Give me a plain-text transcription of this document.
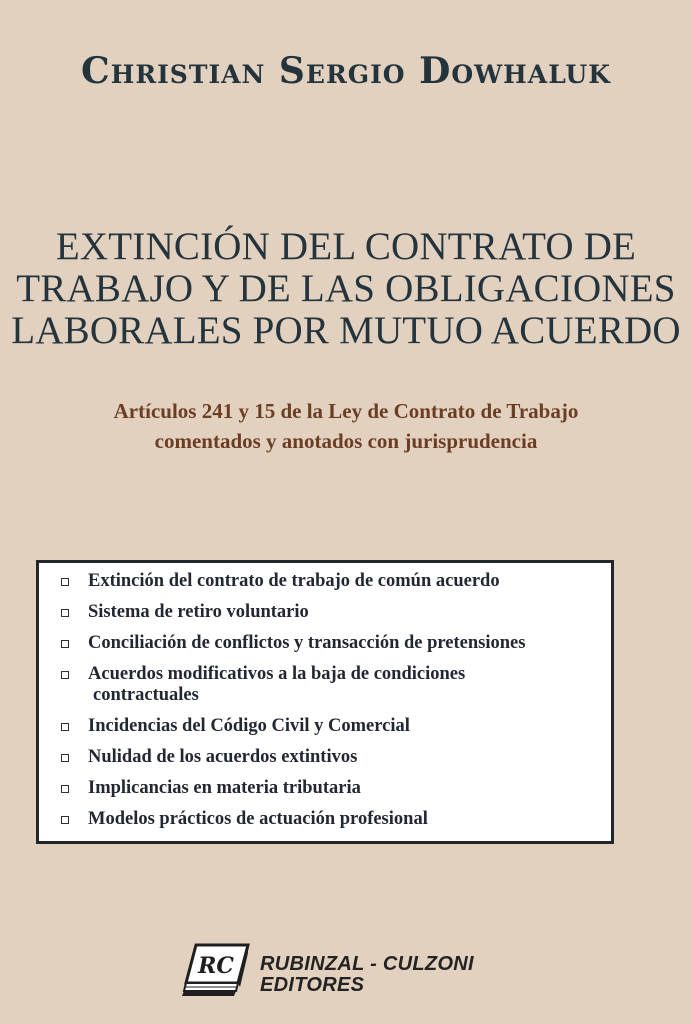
Christian Sergio Dowhaluk
EXTINCIÓN DEL CONTRATO DE
TRABAJO Y DE LAS OBLIGACIONES
LABORALES POR MUTUO ACUERDO
Artículos 241 y 15 de la Ley de Contrato de Trabajo
comentados y anotados con jurisprudencia
Extinción del contrato de trabajo de común acuerdo
Sistema de retiro voluntario
Conciliación de conflictos y transacción de pretensiones
Acuerdos modificativos a la baja de condiciones
contractuales
Incidencias del Código Civil y Comercial
Nulidad de los acuerdos extintivos
Implicancias en materia tributaria
Modelos prácticos de actuación profesional
RC RUBINZAL - CULZONI
EDITORES
